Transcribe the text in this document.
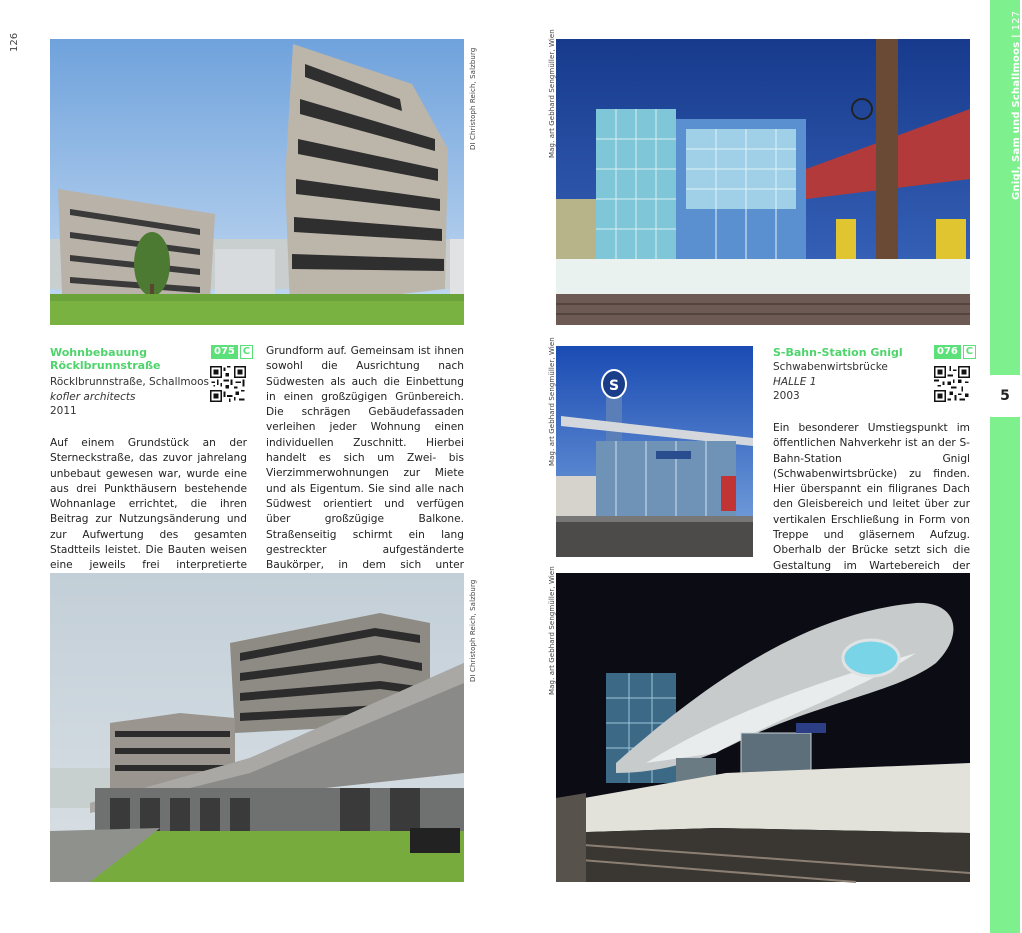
126
DI Christoph Reich, Salzburg
Wohnbebauung
Röcklbrunnstraße
075 C
Röcklbrunnstraße, Schallmoos
kofler architects
2011
Auf einem Grundstück an der Sterneckstraße, das zuvor jahrelang unbebaut gewesen war, wurde eine aus drei Punkthäusern bestehende Wohnanlage errichtet, die ihren Beitrag zur Nutzungsänderung und zur Aufwertung des gesamten Stadtteils leistet. Die Bauten weisen eine jeweils frei interpretierte
Grundform auf. Gemeinsam ist ihnen sowohl die Ausrichtung nach Südwesten als auch die Einbettung in einen großzügigen Grünbereich. Die schrägen Gebäudefassaden verleihen jeder Wohnung einen individuellen Zuschnitt. Hierbei handelt es sich um Zwei- bis Vierzimmerwohnungen zur Miete und als Eigentum. Sie sind alle nach Südwest orientiert und verfügen über großzügige Balkone. Straßenseitig schirmt ein lang gestreckter aufgeständerte Baukörper, in dem sich unter
DI Christoph Reich, Salzburg
Mag. art Gebhard Sengmüller, Wien
S
Mag. art Gebhard Sengmüller, Wien	S-Bahn-Station Gnigl	076 C
Schwabenwirtsbrücke
HALLE 1
2003
Ein besonderer Umstiegspunkt im öffentlichen Nahverkehr ist an der S-Bahn-Station Gnigl (Schwabenwirtsbrücke) zu finden. Hier überspannt ein filigranes Dach den Gleisbereich und leitet über zur vertikalen Erschließung in Form von Treppe und gläsernem Aufzug. Oberhalb der Brücke setzt sich die Gestaltung im Wartebereich der
Mag. art Gebhard Sengmüller, Wien
5
Gnigl, Sam und Schallmoos | 127
